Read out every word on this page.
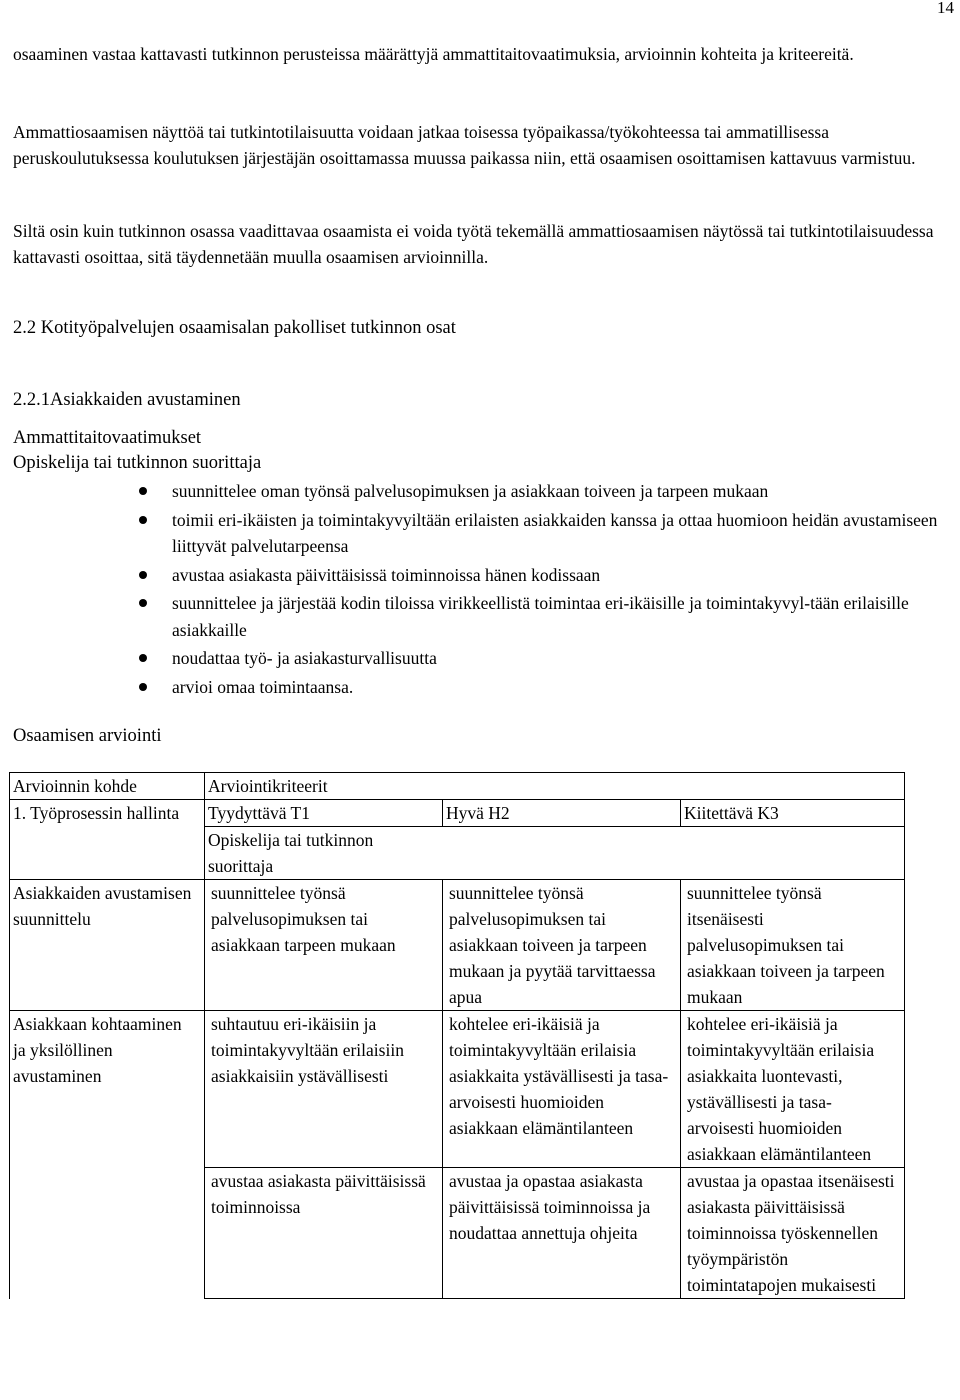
14

osaaminen vastaa kattavasti tutkinnon perusteissa määrättyjä ammattitaitovaatimuksia, arvioinnin kohteita ja kriteereitä.

Ammattiosaamisen näyttöä tai tutkintotilaisuutta voidaan jatkaa toisessa työpaikassa/työkohteessa tai ammatillisessa peruskoulutuksessa koulutuksen järjestäjän osoittamassa muussa paikassa niin, että osaamisen osoittamisen kattavuus varmistuu.

Siltä osin kuin tutkinnon osassa vaadittavaa osaamista ei voida työtä tekemällä ammattiosaamisen näytössä tai tutkintotilaisuudessa kattavasti osoittaa, sitä täydennetään muulla osaamisen arvioinnilla.

2.2 Kotityöpalvelujen osaamisalan pakolliset tutkinnon osat
2.2.1Asiakkaiden avustaminen
Ammattitaitovaatimukset
Opiskelija tai tutkinnon suorittaja
suunnittelee oman työnsä palvelusopimuksen ja asiakkaan toiveen ja tarpeen mukaan
toimii eri-ikäisten ja toimintakyvyiltään erilaisten asiakkaiden kanssa ja ottaa huomioon heidän avustamiseen liittyvät palvelutarpeensa
avustaa asiakasta päivittäisissä toiminnoissa hänen kodissaan
suunnittelee ja järjestää kodin tiloissa virikkeellistä toimintaa eri-ikäisille ja toimintakyvyl-tään erilaisille asiakkaille
noudattaa työ- ja asiakasturvallisuutta
arvioi omaa toimintaansa.
Osaamisen arviointi
Arvioinnin kohde	Arviointikriteerit		
1. Työprosessin hallinta	Tyydyttävä T1	Hyvä H2	Kiitettävä K3
	Opiskelija tai tutkinnon suorittaja		

Asiakkaiden avustamisen suunnittelu	suunnittelee työnsä palvelusopimuksen tai asiakkaan tarpeen mukaan	suunnittelee työnsä palvelusopimuksen tai asiakkaan toiveen ja tarpeen mukaan ja pyytää tarvittaessa apua	suunnittelee työnsä itsenäisesti palvelusopimuksen tai asiakkaan toiveen ja tarpeen mukaan

Asiakkaan kohtaaminen ja yksilöllinen avustaminen	suhtautuu eri-ikäisiin ja toimintakyvyltään erilaisiin asiakkaisiin ystävällisesti	kohtelee eri-ikäisiä ja toimintakyvyltään erilaisia asiakkaita ystävällisesti ja tasa-arvoisesti huomioiden asiakkaan elämäntilanteen	kohtelee eri-ikäisiä ja toimintakyvyltään erilaisia asiakkaita luontevasti, ystävällisesti ja tasa-arvoisesti huomioiden asiakkaan elämäntilanteen

	avustaa asiakasta päivittäisissä toiminnoissa	avustaa ja opastaa asiakasta päivittäisissä toiminnoissa ja noudattaa annettuja ohjeita	avustaa ja opastaa itsenäisesti asiakasta päivittäisissä toiminnoissa työskennellen työympäristön toimintatapojen mukaisesti
